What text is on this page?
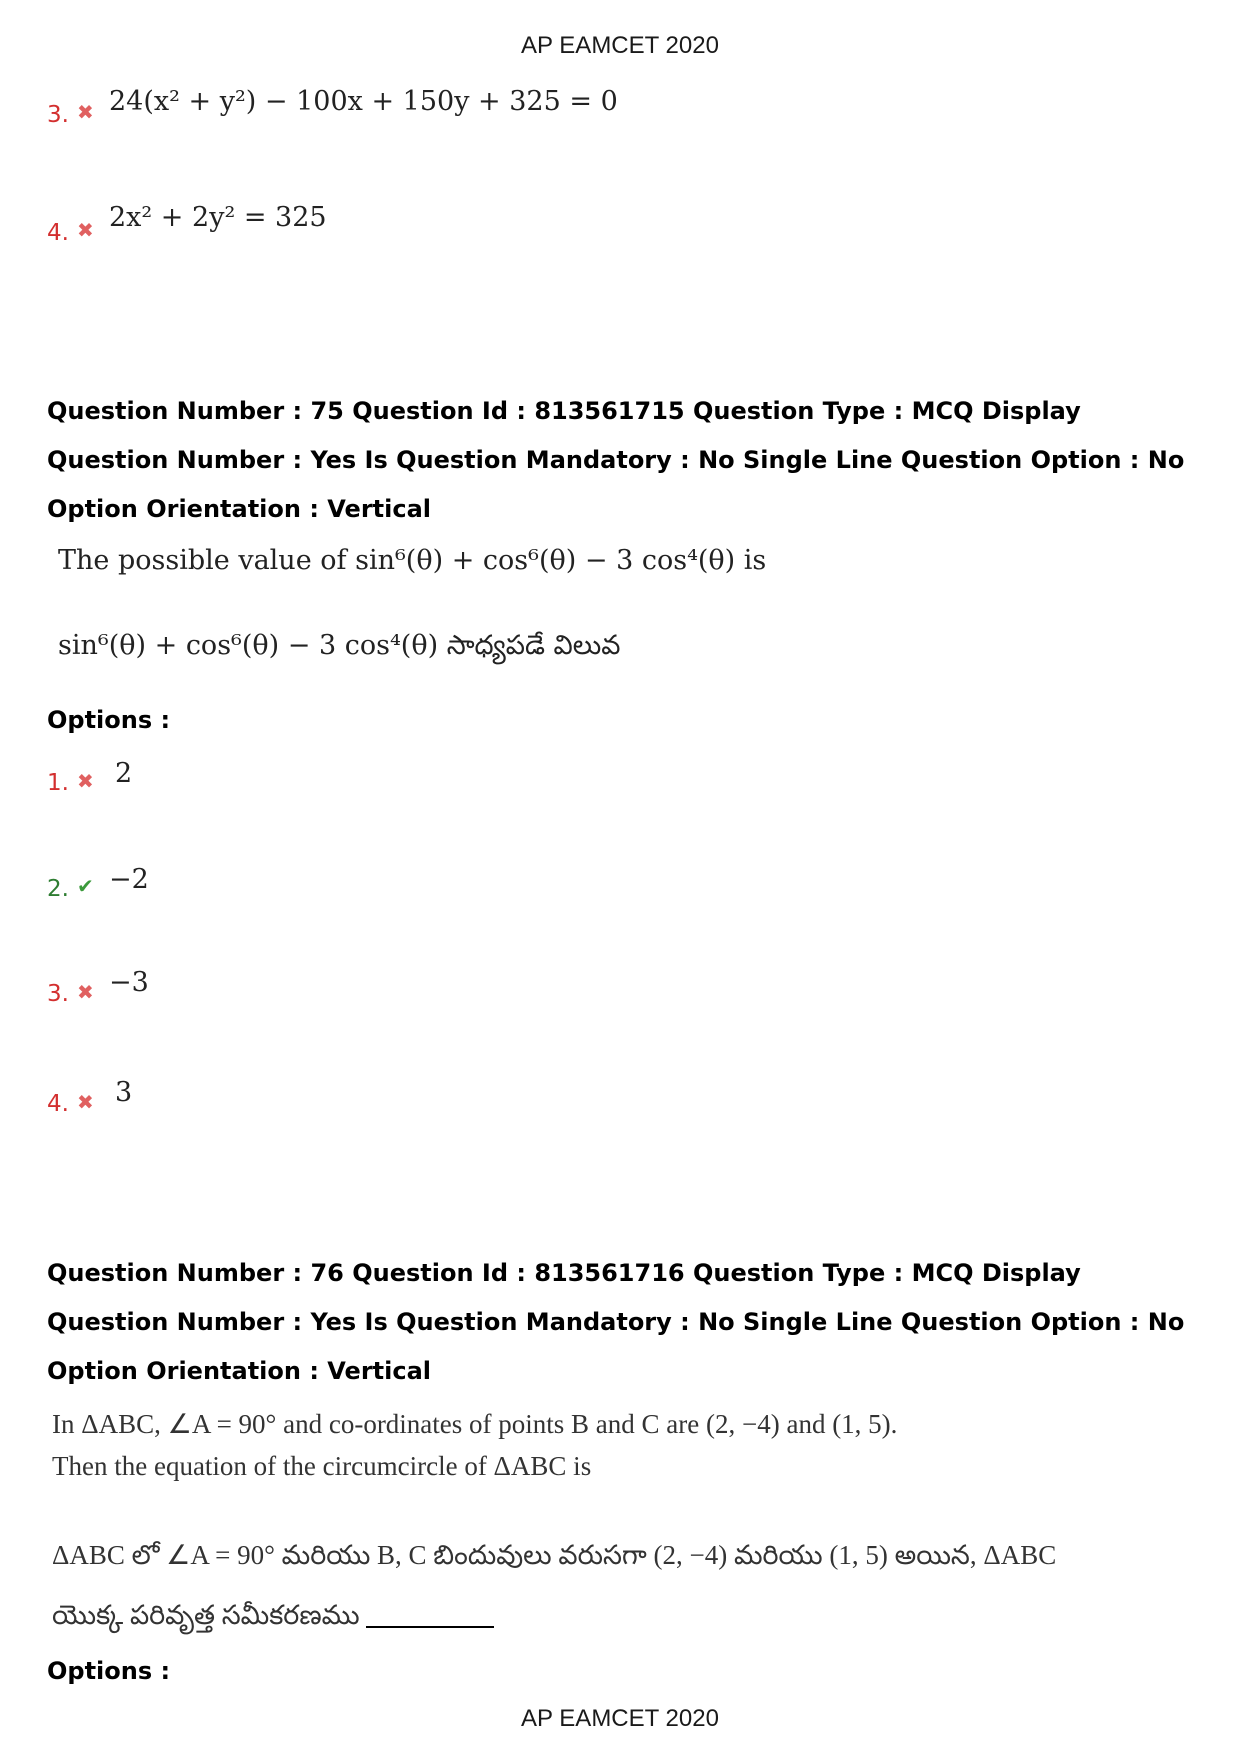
AP EAMCET 2020
3. ✖ 24(x² + y²) − 100x + 150y + 325 = 0
4. ✖ 2x² + 2y² = 325
Question Number : 75 Question Id : 813561715 Question Type : MCQ Display Question Number : Yes Is Question Mandatory : No Single Line Question Option : No Option Orientation : Vertical
The possible value of sin⁶(θ) + cos⁶(θ) − 3 cos⁴(θ) is
sin⁶(θ) + cos⁶(θ) − 3 cos⁴(θ) సాధ్యపడే విలువ
Options :
1. ✖ 2
2. ✔ −2
3. ✖ −3
4. ✖ 3
Question Number : 76 Question Id : 813561716 Question Type : MCQ Display Question Number : Yes Is Question Mandatory : No Single Line Question Option : No Option Orientation : Vertical
In ΔABC, ∠A = 90° and co-ordinates of points B and C are (2, −4) and (1, 5). Then the equation of the circumcircle of ΔABC is
ΔABC లో ∠A = 90° మరియు B, C బిందువులు వరుసగా (2, −4) మరియు (1, 5) అయిన, ΔABC
యొక్క పరివృత్త సమీకరణము
Options :
AP EAMCET 2020
